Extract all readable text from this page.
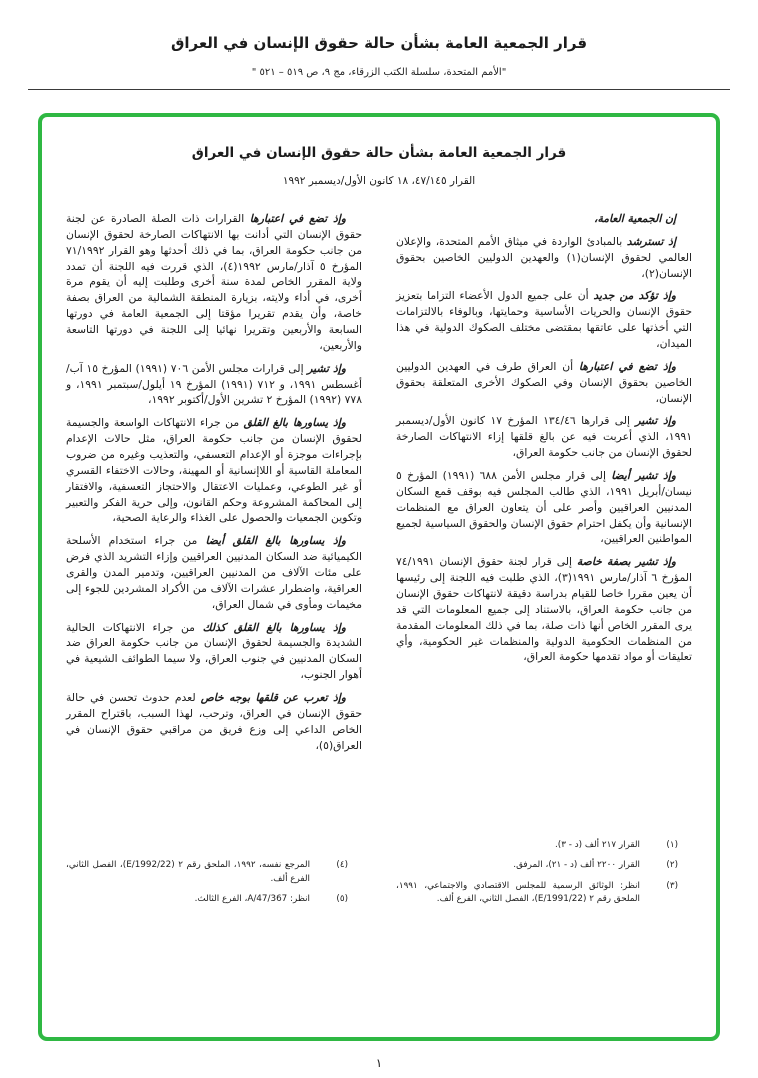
قرار الجمعية العامة بشأن حالة حقوق الإنسان في العراق
"الأمم المتحدة، سلسلة الكتب الزرقاء، مج ٩، ص ٥١٩ – ٥٢١ "
قرار الجمعية العامة بشأن حالة حقوق الإنسان في العراق
القرار ٤٧/١٤٥، ١٨ كانون الأول/ديسمبر ١٩٩٢

إن الجمعية العامة،

إذ تسترشد بالمبادئ الواردة في ميثاق الأمم المتحدة، والإعلان العالمي لحقوق الإنسان(١) والعهدين الدوليين الخاصين بحقوق الإنسان(٢)،

وإذ تؤكد من جديد أن على جميع الدول الأعضاء التزاما بتعزيز حقوق الإنسان والحريات الأساسية وحمايتها، وبالوفاء بالالتزامات التي أخذتها على عاتقها بمقتضى مختلف الصكوك الدولية في هذا الميدان،

وإذ تضع في اعتبارها أن العراق طرف في العهدين الدوليين الخاصين بحقوق الإنسان وفي الصكوك الأخرى المتعلقة بحقوق الإنسان،

وإذ تشير إلى قرارها ١٣٤/٤٦ المؤرخ ١٧ كانون الأول/ديسمبر ١٩٩١، الذي أعربت فيه عن بالغ قلقها إزاء الانتهاكات الصارخة لحقوق الإنسان من جانب حكومة العراق،

وإذ تشير أيضا إلى قرار مجلس الأمن ٦٨٨ (١٩٩١) المؤرخ ٥ نيسان/أبريل ١٩٩١، الذي طالب المجلس فيه بوقف قمع السكان المدنيين العراقيين وأصر على أن يتعاون العراق مع المنظمات الإنسانية وأن يكفل احترام حقوق الإنسان والحقوق السياسية لجميع المواطنين العراقيين،

وإذ تشير بصفة خاصة إلى قرار لجنة حقوق الإنسان ٧٤/١٩٩١ المؤرخ ٦ آذار/مارس ١٩٩١(٣)، الذي طلبت فيه اللجنة إلى رئيسها أن يعين مقررا خاصا للقيام بدراسة دقيقة لانتهاكات حقوق الإنسان من جانب حكومة العراق، بالاستناد إلى جميع المعلومات التي قد يرى المقرر الخاص أنها ذات صلة، بما في ذلك المعلومات المقدمة من المنظمات الحكومية الدولية والمنظمات غير الحكومية، وأي تعليقات أو مواد تقدمها حكومة العراق،

(١)
القرار ٢١٧ ألف (د - ٣).
(٢)
القرار ٢٢٠٠ ألف (د - ٢١)، المرفق.
(٣)
انظر: الوثائق الرسمية للمجلس الاقتصادي والاجتماعي، ١٩٩١، الملحق رقم ٢ (E/1991/22)، الفصل الثاني، الفرع ألف.

وإذ تضع في اعتبارها القرارات ذات الصلة الصادرة عن لجنة حقوق الإنسان التي أدانت بها الانتهاكات الصارخة لحقوق الإنسان من جانب حكومة العراق، بما في ذلك أحدثها وهو القرار ٧١/١٩٩٢ المؤرخ ٥ آذار/مارس ١٩٩٢(٤)، الذي قررت فيه اللجنة أن تمدد ولاية المقرر الخاص لمدة سنة أخرى وطلبت إليه أن يقوم مرة أخرى، في أداء ولايته، بزيارة المنطقة الشمالية من العراق بصفة خاصة، وأن يقدم تقريرا مؤقتا إلى الجمعية العامة في دورتها السابعة والأربعين وتقريرا نهائيا إلى اللجنة في دورتها التاسعة والأربعين،

وإذ تشير إلى قرارات مجلس الأمن ٧٠٦ (١٩٩١) المؤرخ ١٥ آب/أغسطس ١٩٩١، و ٧١٢ (١٩٩١) المؤرخ ١٩ أيلول/سبتمبر ١٩٩١، و ٧٧٨ (١٩٩٢) المؤرخ ٢ تشرين الأول/أكتوبر ١٩٩٢،

وإذ يساورها بالغ القلق من جراء الانتهاكات الواسعة والجسيمة لحقوق الإنسان من جانب حكومة العراق، مثل حالات الإعدام بإجراءات موجزة أو الإعدام التعسفي، والتعذيب وغيره من ضروب المعاملة القاسية أو اللاإنسانية أو المهينة، وحالات الاختفاء القسري أو غير الطوعي، وعمليات الاعتقال والاحتجاز التعسفية، والافتقار إلى المحاكمة المشروعة وحكم القانون، وإلى حرية الفكر والتعبير وتكوين الجمعيات والحصول على الغذاء والرعاية الصحية،

وإذ يساورها بالغ القلق أيضا من جراء استخدام الأسلحة الكيميائية ضد السكان المدنيين العراقيين وإزاء التشريد الذي فرض على مئات الآلاف من المدنيين العراقيين، وتدمير المدن والقرى العراقية، واضطرار عشرات الآلاف من الأكراد المشردين للجوء إلى مخيمات ومأوى في شمال العراق،

وإذ يساورها بالغ القلق كذلك من جراء الانتهاكات الحالية الشديدة والجسيمة لحقوق الإنسان من جانب حكومة العراق ضد السكان المدنيين في جنوب العراق، ولا سيما الطوائف الشيعية في أهوار الجنوب،

وإذ تعرب عن قلقها بوجه خاص لعدم حدوث تحسن في حالة حقوق الإنسان في العراق، وترحب، لهذا السبب، باقتراح المقرر الخاص الداعي إلى وزع فريق من مراقبي حقوق الإنسان في العراق(٥)،

(٤)
المرجع نفسه، ١٩٩٢، الملحق رقم ٢ (E/1992/22)، الفصل الثاني، الفرع ألف.
(٥)
انظر: A/47/367، الفرع الثالث.
١
